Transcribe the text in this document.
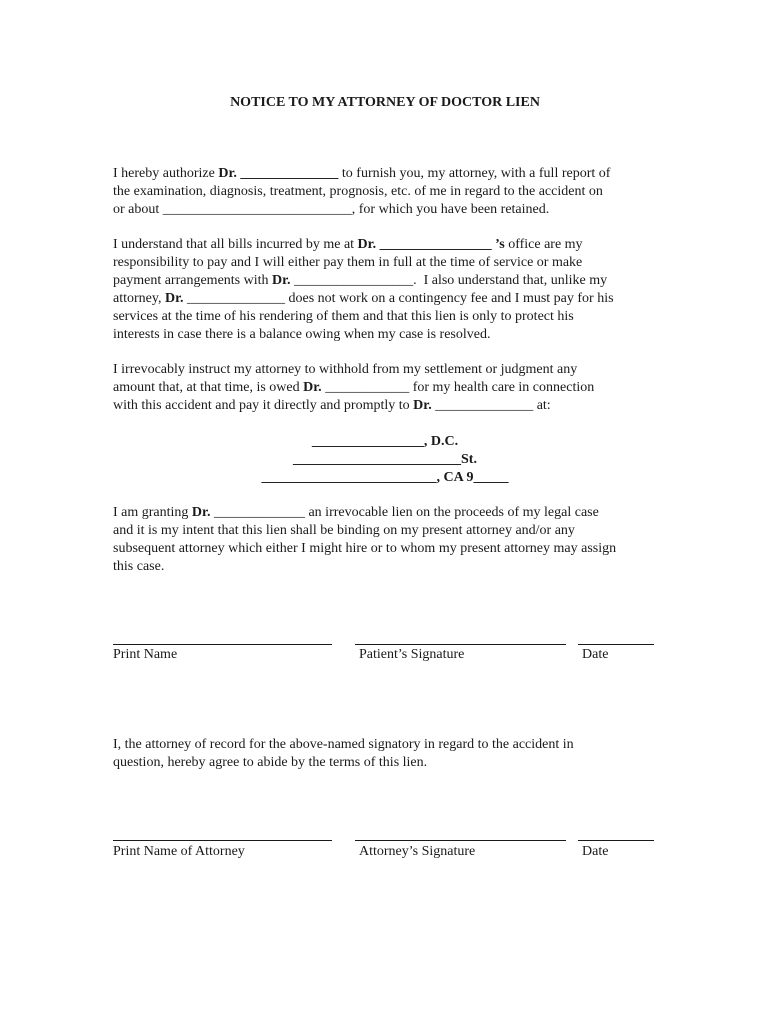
NOTICE TO MY ATTORNEY OF DOCTOR LIEN
I hereby authorize Dr. ______________ to furnish you, my attorney, with a full report of
the examination, diagnosis, treatment, prognosis, etc. of me in regard to the accident on
or about ___________________________, for which you have been retained.
I understand that all bills incurred by me at Dr. ________________ ’s office are my
responsibility to pay and I will either pay them in full at the time of service or make
payment arrangements with Dr. _________________.  I also understand that, unlike my
attorney, Dr. ______________ does not work on a contingency fee and I must pay for his
services at the time of his rendering of them and that this lien is only to protect his
interests in case there is a balance owing when my case is resolved.
I irrevocably instruct my attorney to withhold from my settlement or judgment any
amount that, at that time, is owed Dr. ____________ for my health care in connection
with this accident and pay it directly and promptly to Dr. ______________ at:
________________, D.C.
________________________St.
_________________________, CA 9_____
I am granting Dr. _____________ an irrevocable lien on the proceeds of my legal case
and it is my intent that this lien shall be binding on my present attorney and/or any
subsequent attorney which either I might hire or to whom my present attorney may assign
this case.
Print Name	Patient’s Signature	Date
I, the attorney of record for the above-named signatory in regard to the accident in
question, hereby agree to abide by the terms of this lien.
Print Name of Attorney	Attorney’s Signature	Date
